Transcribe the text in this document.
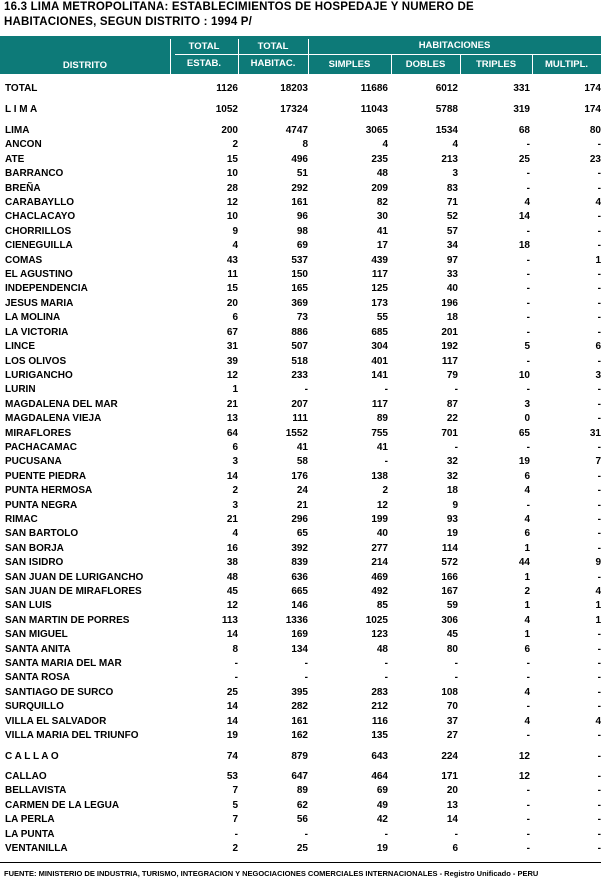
16.3 LIMA METROPOLITANA: ESTABLECIMIENTOS DE HOSPEDAJE Y NUMERO DE
HABITACIONES, SEGUN DISTRITO : 1994 P/
DISTRITO
TOTAL
ESTAB.
TOTAL
HABITAC.
HABITACIONES
SIMPLES	DOBLES	TRIPLES	MULTIPL.
TOTAL	1126	18203	11686	6012	331	174
L I M A	1052	17324	11043	5788	319	174
LIMA	200	4747	3065	1534	68	80
ANCON	2	8	4	4	-	-
ATE	15	496	235	213	25	23
BARRANCO	10	51	48	3	-	-
BREÑA	28	292	209	83	-	-
CARABAYLLO	12	161	82	71	4	4
CHACLACAYO	10	96	30	52	14	-
CHORRILLOS	9	98	41	57	-	-
CIENEGUILLA	4	69	17	34	18	-
COMAS	43	537	439	97	-	1
EL AGUSTINO	11	150	117	33	-	-
INDEPENDENCIA	15	165	125	40	-	-
JESUS MARIA	20	369	173	196	-	-
LA MOLINA	6	73	55	18	-	-
LA VICTORIA	67	886	685	201	-	-
LINCE	31	507	304	192	5	6
LOS OLIVOS	39	518	401	117	-	-
LURIGANCHO	12	233	141	79	10	3
LURIN	1	-	-	-	-	-
MAGDALENA DEL MAR	21	207	117	87	3	-
MAGDALENA VIEJA	13	111	89	22	0	-
MIRAFLORES	64	1552	755	701	65	31
PACHACAMAC	6	41	41	-	-	-
PUCUSANA	3	58	-	32	19	7
PUENTE PIEDRA	14	176	138	32	6	-
PUNTA HERMOSA	2	24	2	18	4	-
PUNTA NEGRA	3	21	12	9	-	-
RIMAC	21	296	199	93	4	-
SAN BARTOLO	4	65	40	19	6	-
SAN BORJA	16	392	277	114	1	-
SAN ISIDRO	38	839	214	572	44	9
SAN JUAN DE LURIGANCHO	48	636	469	166	1	-
SAN JUAN DE MIRAFLORES	45	665	492	167	2	4
SAN LUIS	12	146	85	59	1	1
SAN MARTIN DE PORRES	113	1336	1025	306	4	1
SAN MIGUEL	14	169	123	45	1	-
SANTA ANITA	8	134	48	80	6	-
SANTA MARIA DEL MAR	-	-	-	-	-	-
SANTA ROSA	-	-	-	-	-	-
SANTIAGO DE SURCO	25	395	283	108	4	-
SURQUILLO	14	282	212	70	-	-
VILLA EL SALVADOR	14	161	116	37	4	4
VILLA MARIA DEL TRIUNFO	19	162	135	27	-	-
C A L L A O	74	879	643	224	12	-
CALLAO	53	647	464	171	12	-
BELLAVISTA	7	89	69	20	-	-
CARMEN DE LA LEGUA	5	62	49	13	-	-
LA PERLA	7	56	42	14	-	-
LA PUNTA	-	-	-	-	-	-
VENTANILLA	2	25	19	6	-	-
FUENTE: MINISTERIO DE INDUSTRIA, TURISMO, INTEGRACION Y NEGOCIACIONES COMERCIALES INTERNACIONALES - Registro Unificado - PERU
